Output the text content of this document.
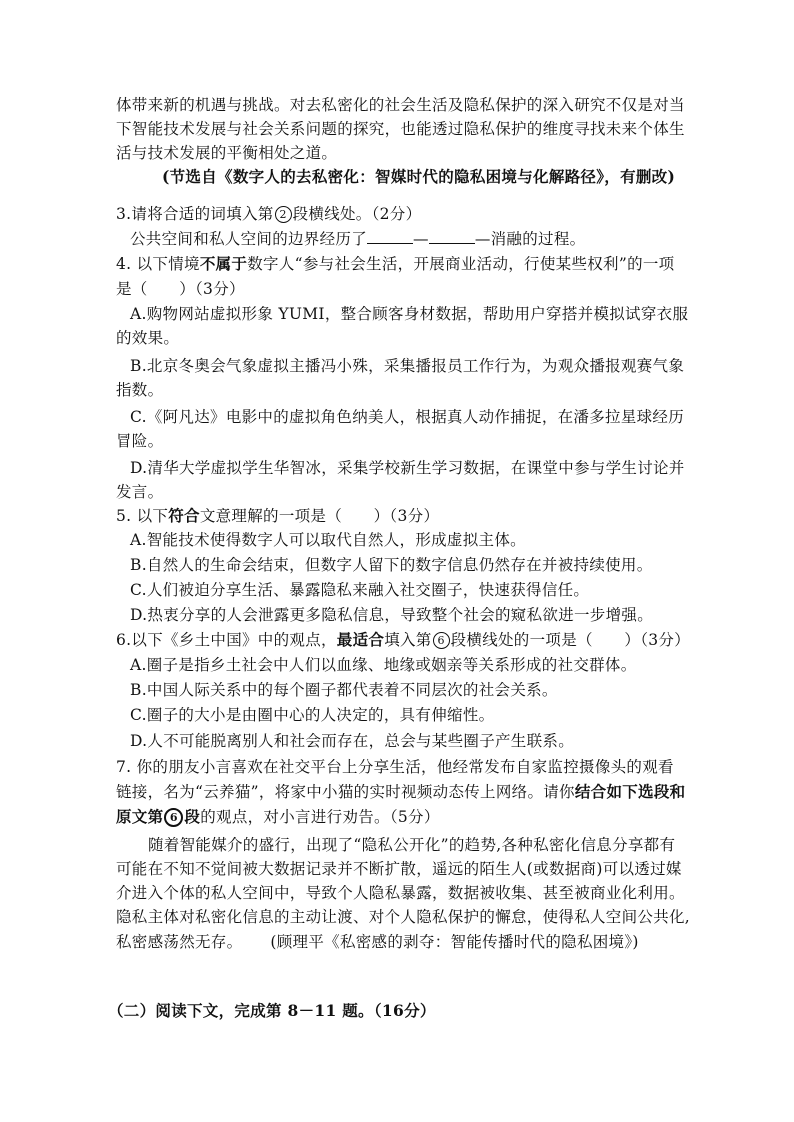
体带来新的机遇与挑战。对去私密化的社会生活及隐私保护的深入研究不仅是对当
下智能技术发展与社会关系问题的探究，也能透过隐私保护的维度寻找未来个体生
活与技术发展的平衡相处之道。
(节选自《数字人的去私密化：智媒时代的隐私困境与化解路径》，有删改)
3.请将合适的词填入第 2 段横线处。（2分）
公共空间和私人空间的边界经历了	—	—消融的过程。
4. 以下情境不属于数字人“参与社会生活，开展商业活动，行使某些权利”的一项
是（　　）（3分）
A.购物网站虚拟形象 YUMI，整合顾客身材数据，帮助用户穿搭并模拟试穿衣服
的效果。
B.北京冬奥会气象虚拟主播冯小殊，采集播报员工作行为，为观众播报观赛气象
指数。
C.《阿凡达》电影中的虚拟角色纳美人，根据真人动作捕捉，在潘多拉星球经历
冒险。
D.清华大学虚拟学生华智冰，采集学校新生学习数据，在课堂中参与学生讨论并
发言。
5. 以下符合文意理解的一项是（　　）（3分）
A.智能技术使得数字人可以取代自然人，形成虚拟主体。
B.自然人的生命会结束，但数字人留下的数字信息仍然存在并被持续使用。
C.人们被迫分享生活、暴露隐私来融入社交圈子，快速获得信任。
D.热衷分享的人会泄露更多隐私信息，导致整个社会的窥私欲进一步增强。
6.以下《乡土中国》中的观点，最适合填入第 6 段横线处的一项是（　　）（3分）
A.圈子是指乡土社会中人们以血缘、地缘或姻亲等关系形成的社交群体。
B.中国人际关系中的每个圈子都代表着不同层次的社会关系。
C.圈子的大小是由圈中心的人决定的，具有伸缩性。
D.人不可能脱离别人和社会而存在，总会与某些圈子产生联系。
7. 你的朋友小言喜欢在社交平台上分享生活，他经常发布自家监控摄像头的观看
链接，名为“云养猫”，将家中小猫的实时视频动态传上网络。请你结合如下选段和
原文第 6 段的观点，对小言进行劝告。（5分）
随着智能媒介的盛行，出现了“隐私公开化”的趋势,各种私密化信息分享都有
可能在不知不觉间被大数据记录并不断扩散，遥远的陌生人(或数据商)可以透过媒
介进入个体的私人空间中，导致个人隐私暴露，数据被收集、甚至被商业化利用。
隐私主体对私密化信息的主动让渡、对个人隐私保护的懈怠，使得私人空间公共化,
私密感荡然无存。 (顾理平《私密感的剥夺：智能传播时代的隐私困境》)
（二）阅读下文，完成第 8－11 题。（16分）
